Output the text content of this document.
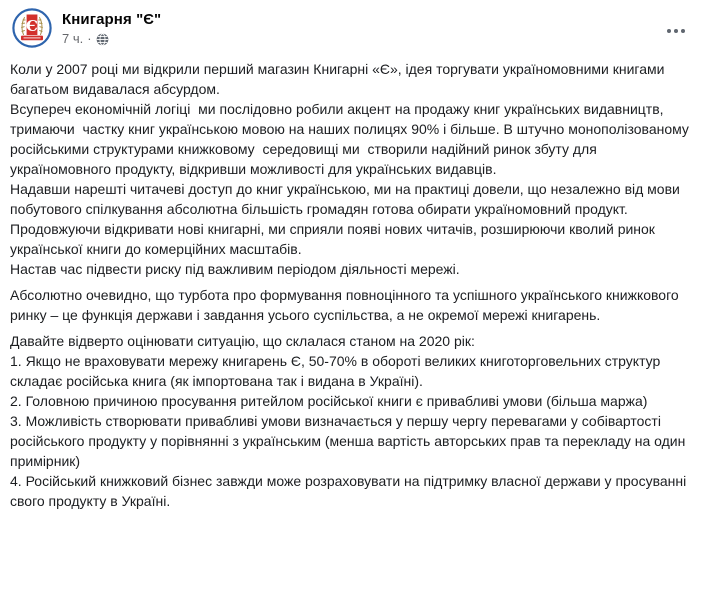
Є Книгарня "Є"
7 ч. ·
Коли у 2007 році ми відкрили перший магазин Книгарні «Є», ідея торгувати україномовними книгами багатьом видавалася абсурдом.
Всупереч економічній логіці  ми послідовно робили акцент на продажу книг українських видавництв, тримаючи  частку книг українською мовою на наших полицях 90% і більше. В штучно монополізованому російськими структурами книжковому  середовищі ми  створили надійний ринок збуту для україномовного продукту, відкривши можливості для українських видавців.
Надавши нарешті читачеві доступ до книг українською, ми на практиці довели, що незалежно від мови побутового спілкування абсолютна більшість громадян готова обирати україномовний продукт.
Продовжуючи відкривати нові книгарні, ми сприяли появі нових читачів, розширюючи кволий ринок української книги до комерційних масштабів.
Настав час підвести риску під важливим періодом діяльності мережі.
Абсолютно очевидно, що турбота про формування повноцінного та успішного українського книжкового ринку – це функція держави і завдання усього суспільства, а не окремої мережі книгарень.
Давайте відверто оцінювати ситуацію, що склалася станом на 2020 рік:
1. Якщо не враховувати мережу книгарень Є, 50-70% в обороті великих книготорговельних структур складає російська книга (як імпортована так і видана в Україні).
2. Головною причиною просування ритейлом російської книги є привабливі умови (більша маржа)
3. Можливість створювати привабливі умови визначається у першу чергу перевагами у собівартості російського продукту у порівнянні з українським (менша вартість авторських прав та перекладу на один примірник)
4. Російський книжковий бізнес завжди може розраховувати на підтримку власної держави у просуванні свого продукту в Україні.
